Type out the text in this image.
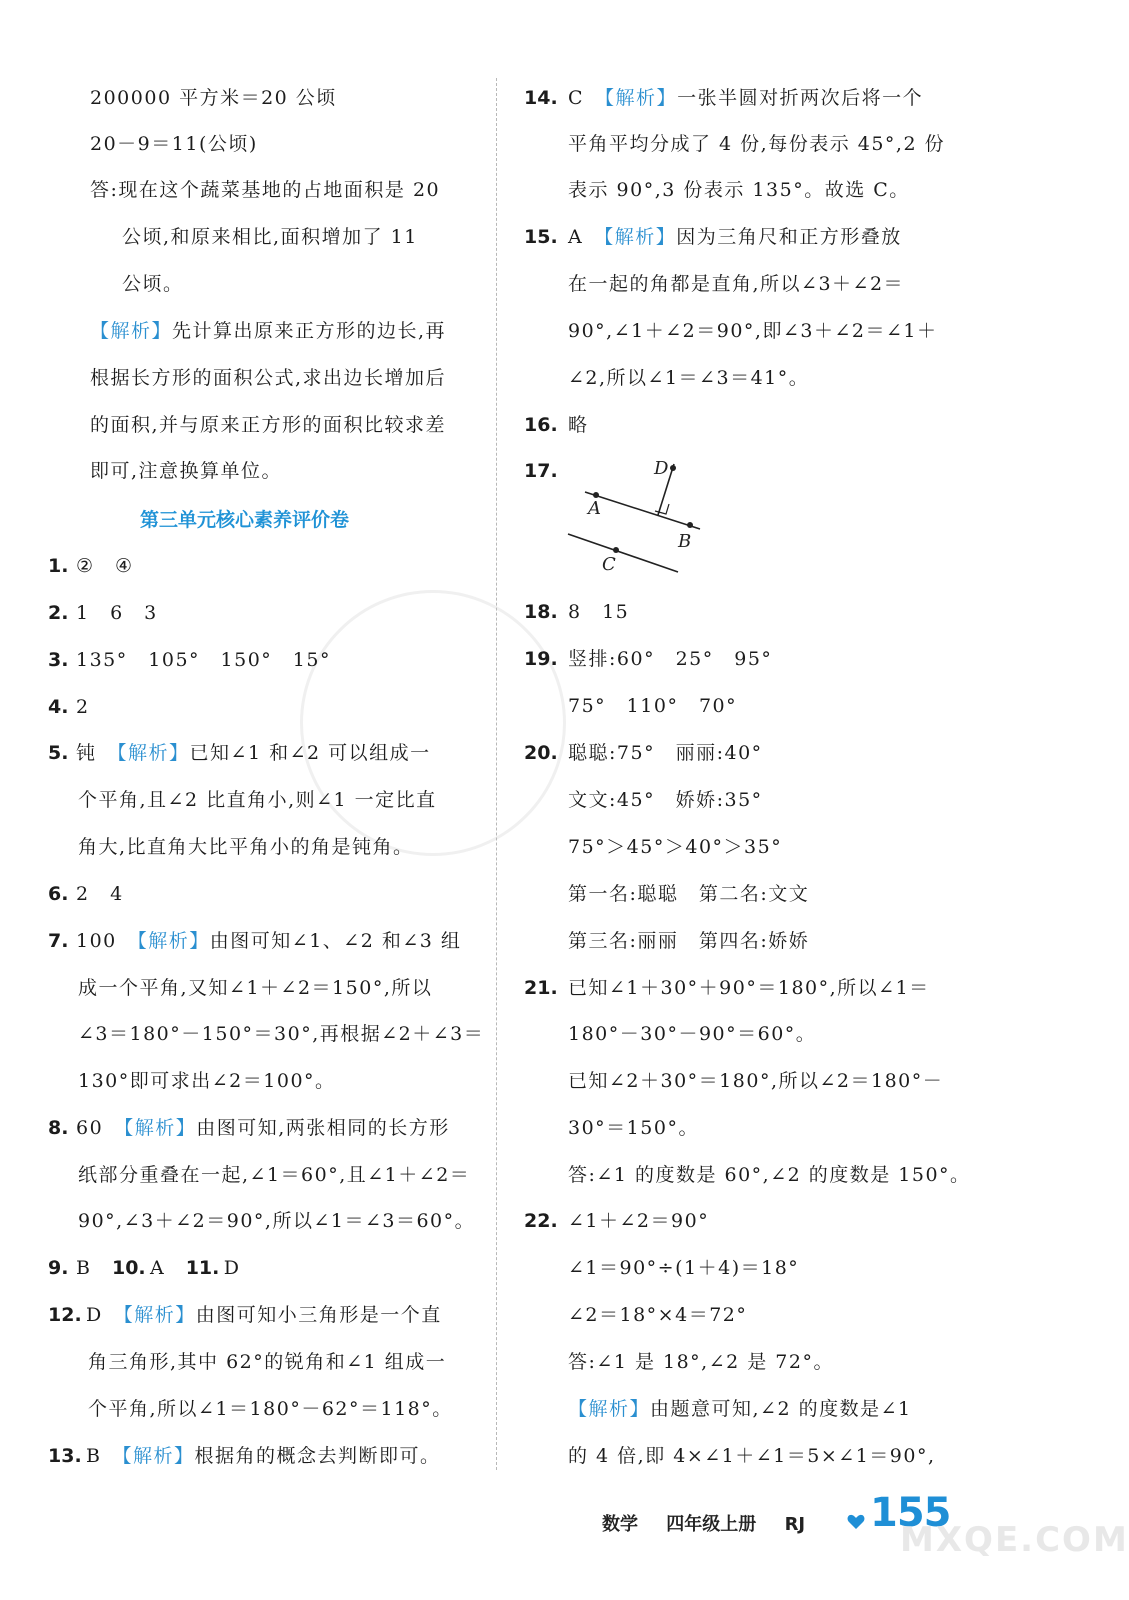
200000 平方米＝20 公顷
20－9＝11(公顷)
答:现在这个蔬菜基地的占地面积是 20
公顷,和原来相比,面积增加了 11
公顷。
【解析】先计算出原来正方形的边长,再
根据长方形的面积公式,求出边长增加后
的面积,并与原来正方形的面积比较求差
即可,注意换算单位。
第三单元核心素养评价卷
1. ②　④
2. 1　6　3
3. 135°　105°　150°　15°
4. 2
5. 钝　【解析】已知∠1 和∠2 可以组成一
个平角,且∠2 比直角小,则∠1 一定比直
角大,比直角大比平角小的角是钝角。
6. 2　4
7. 100　【解析】由图可知∠1、∠2 和∠3 组
成一个平角,又知∠1＋∠2＝150°,所以
∠3＝180°－150°＝30°,再根据∠2＋∠3＝
130°即可求出∠2＝100°。
8. 60　【解析】由图可知,两张相同的长方形
纸部分重叠在一起,∠1＝60°,且∠1＋∠2＝
90°,∠3＋∠2＝90°,所以∠1＝∠3＝60°。
9. B　10. A　11. D
12. D　【解析】由图可知小三角形是一个直
角三角形,其中 62°的锐角和∠1 组成一
个平角,所以∠1＝180°－62°＝118°。
13. B　【解析】根据角的概念去判断即可。
14. C　【解析】一张半圆对折两次后将一个
平角平均分成了 4 份,每份表示 45°,2 份
表示 90°,3 份表示 135°。故选 C。
15. A　【解析】因为三角尺和正方形叠放
在一起的角都是直角,所以∠3＋∠2＝
90°,∠1＋∠2＝90°,即∠3＋∠2＝∠1＋
∠2,所以∠1＝∠3＝41°。
16. 略
17.	D
A
B
C
18. 8　15
19. 竖排:60°　25°　95°
75°　110°　70°
20. 聪聪:75°　丽丽:40°
文文:45°　娇娇:35°
75°＞45°＞40°＞35°
第一名:聪聪　第二名:文文
第三名:丽丽　第四名:娇娇
21. 已知∠1＋30°＋90°＝180°,所以∠1＝
180°－30°－90°＝60°。
已知∠2＋30°＝180°,所以∠2＝180°－
30°＝150°。
答:∠1 的度数是 60°,∠2 的度数是 150°。
22. ∠1＋∠2＝90°
∠1＝90°÷(1＋4)＝18°
∠2＝18°×4＝72°
答:∠1 是 18°,∠2 是 72°。
【解析】由题意可知,∠2 的度数是∠1
的 4 倍,即 4×∠1＋∠1＝5×∠1＝90°,
数学 四年级上册 RJ	155
MXQE.COM
